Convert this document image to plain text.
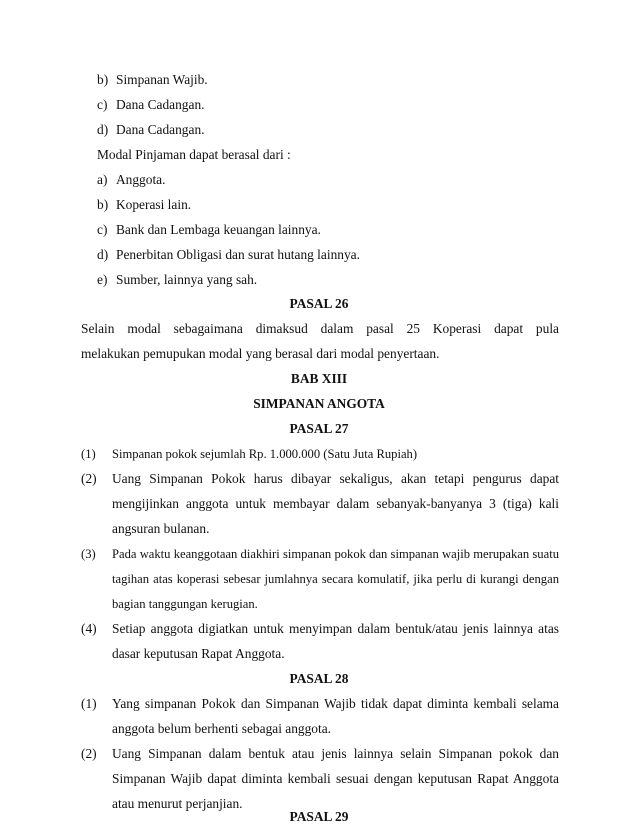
b) Simpanan Wajib.
c) Dana Cadangan.
d) Dana Cadangan.
Modal Pinjaman dapat berasal dari :
a) Anggota.
b) Koperasi lain.
c) Bank dan Lembaga keuangan lainnya.
d) Penerbitan Obligasi dan surat hutang lainnya.
e) Sumber, lainnya yang sah.
PASAL 26
Selain modal sebagaimana dimaksud dalam pasal 25 Koperasi dapat pula
melakukan pemupukan modal yang berasal dari modal penyertaan.
BAB XIII
SIMPANAN ANGOTA
PASAL 27
(1) Simpanan pokok sejumlah Rp. 1.000.000 (Satu Juta Rupiah)
(2) Uang Simpanan Pokok harus dibayar sekaligus, akan tetapi pengurus dapat
mengijinkan anggota untuk membayar dalam sebanyak-banyanya 3 (tiga) kali
angsuran bulanan.
(3) Pada waktu keanggotaan diakhiri simpanan pokok dan simpanan wajib merupakan suatu
tagihan atas koperasi sebesar jumlahnya secara komulatif, jika perlu di kurangi dengan
bagian tanggungan kerugian.
(4) Setiap anggota digiatkan untuk menyimpan dalam bentuk/atau jenis lainnya atas
dasar keputusan Rapat Anggota.
PASAL 28
(1) Yang simpanan Pokok dan Simpanan Wajib tidak dapat diminta kembali selama
anggota belum berhenti sebagai anggota.
(2) Uang Simpanan dalam bentuk atau jenis lainnya selain Simpanan pokok dan
Simpanan Wajib dapat diminta kembali sesuai dengan keputusan Rapat Anggota
atau menurut perjanjian.
PASAL 29
